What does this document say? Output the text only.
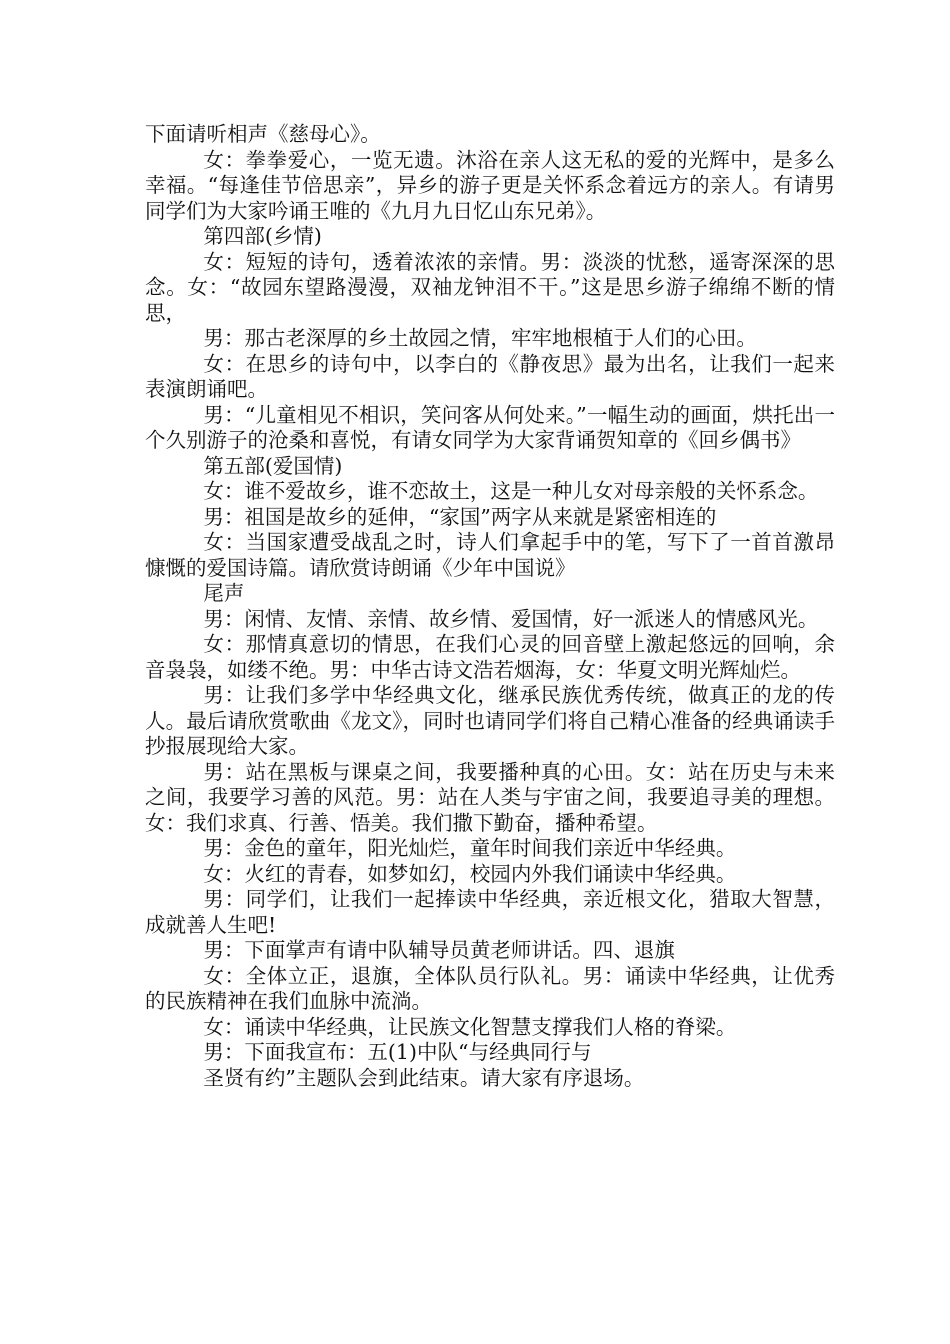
下面请听相声《慈母心》。

女：拳拳爱心，一览无遗。沐浴在亲人这无私的爱的光辉中，是多么幸福。“每逢佳节倍思亲”，异乡的游子更是关怀系念着远方的亲人。有请男同学们为大家吟诵王唯的《九月九日忆山东兄弟》。

第四部(乡情)

女：短短的诗句，透着浓浓的亲情。男：淡淡的忧愁，遥寄深深的思念。女：“故园东望路漫漫，双袖龙钟泪不干。”这是思乡游子绵绵不断的情思，

男：那古老深厚的乡土故园之情，牢牢地根植于人们的心田。

女：在思乡的诗句中，以李白的《静夜思》最为出名，让我们一起来表演朗诵吧。

男：“儿童相见不相识，笑问客从何处来。”一幅生动的画面，烘托出一个久别游子的沧桑和喜悦，有请女同学为大家背诵贺知章的《回乡偶书》

第五部(爱国情)

女：谁不爱故乡，谁不恋故土，这是一种儿女对母亲般的关怀系念。

男：祖国是故乡的延伸，“家国”两字从来就是紧密相连的

女：当国家遭受战乱之时，诗人们拿起手中的笔，写下了一首首激昂慷慨的爱国诗篇。请欣赏诗朗诵《少年中国说》

尾声

男：闲情、友情、亲情、故乡情、爱国情，好一派迷人的情感风光。

女：那情真意切的情思，在我们心灵的回音壁上激起悠远的回响，余音袅袅，如缕不绝。男：中华古诗文浩若烟海，女：华夏文明光辉灿烂。

男：让我们多学中华经典文化，继承民族优秀传统，做真正的龙的传人。最后请欣赏歌曲《龙文》，同时也请同学们将自己精心准备的经典诵读手抄报展现给大家。

男：站在黑板与课桌之间，我要播种真的心田。女：站在历史与未来之间，我要学习善的风范。男：站在人类与宇宙之间，我要追寻美的理想。女：我们求真、行善、悟美。我们撒下勤奋，播种希望。

男：金色的童年，阳光灿烂，童年时间我们亲近中华经典。

女：火红的青春，如梦如幻，校园内外我们诵读中华经典。

男：同学们，让我们一起捧读中华经典，亲近根文化，猎取大智慧，成就善人生吧!

男：下面掌声有请中队辅导员黄老师讲话。四、退旗

女：全体立正，退旗，全体队员行队礼。男：诵读中华经典，让优秀的民族精神在我们血脉中流淌。

女：诵读中华经典，让民族文化智慧支撑我们人格的脊梁。

男：下面我宣布：五(1)中队“与经典同行与

圣贤有约”主题队会到此结束。请大家有序退场。
